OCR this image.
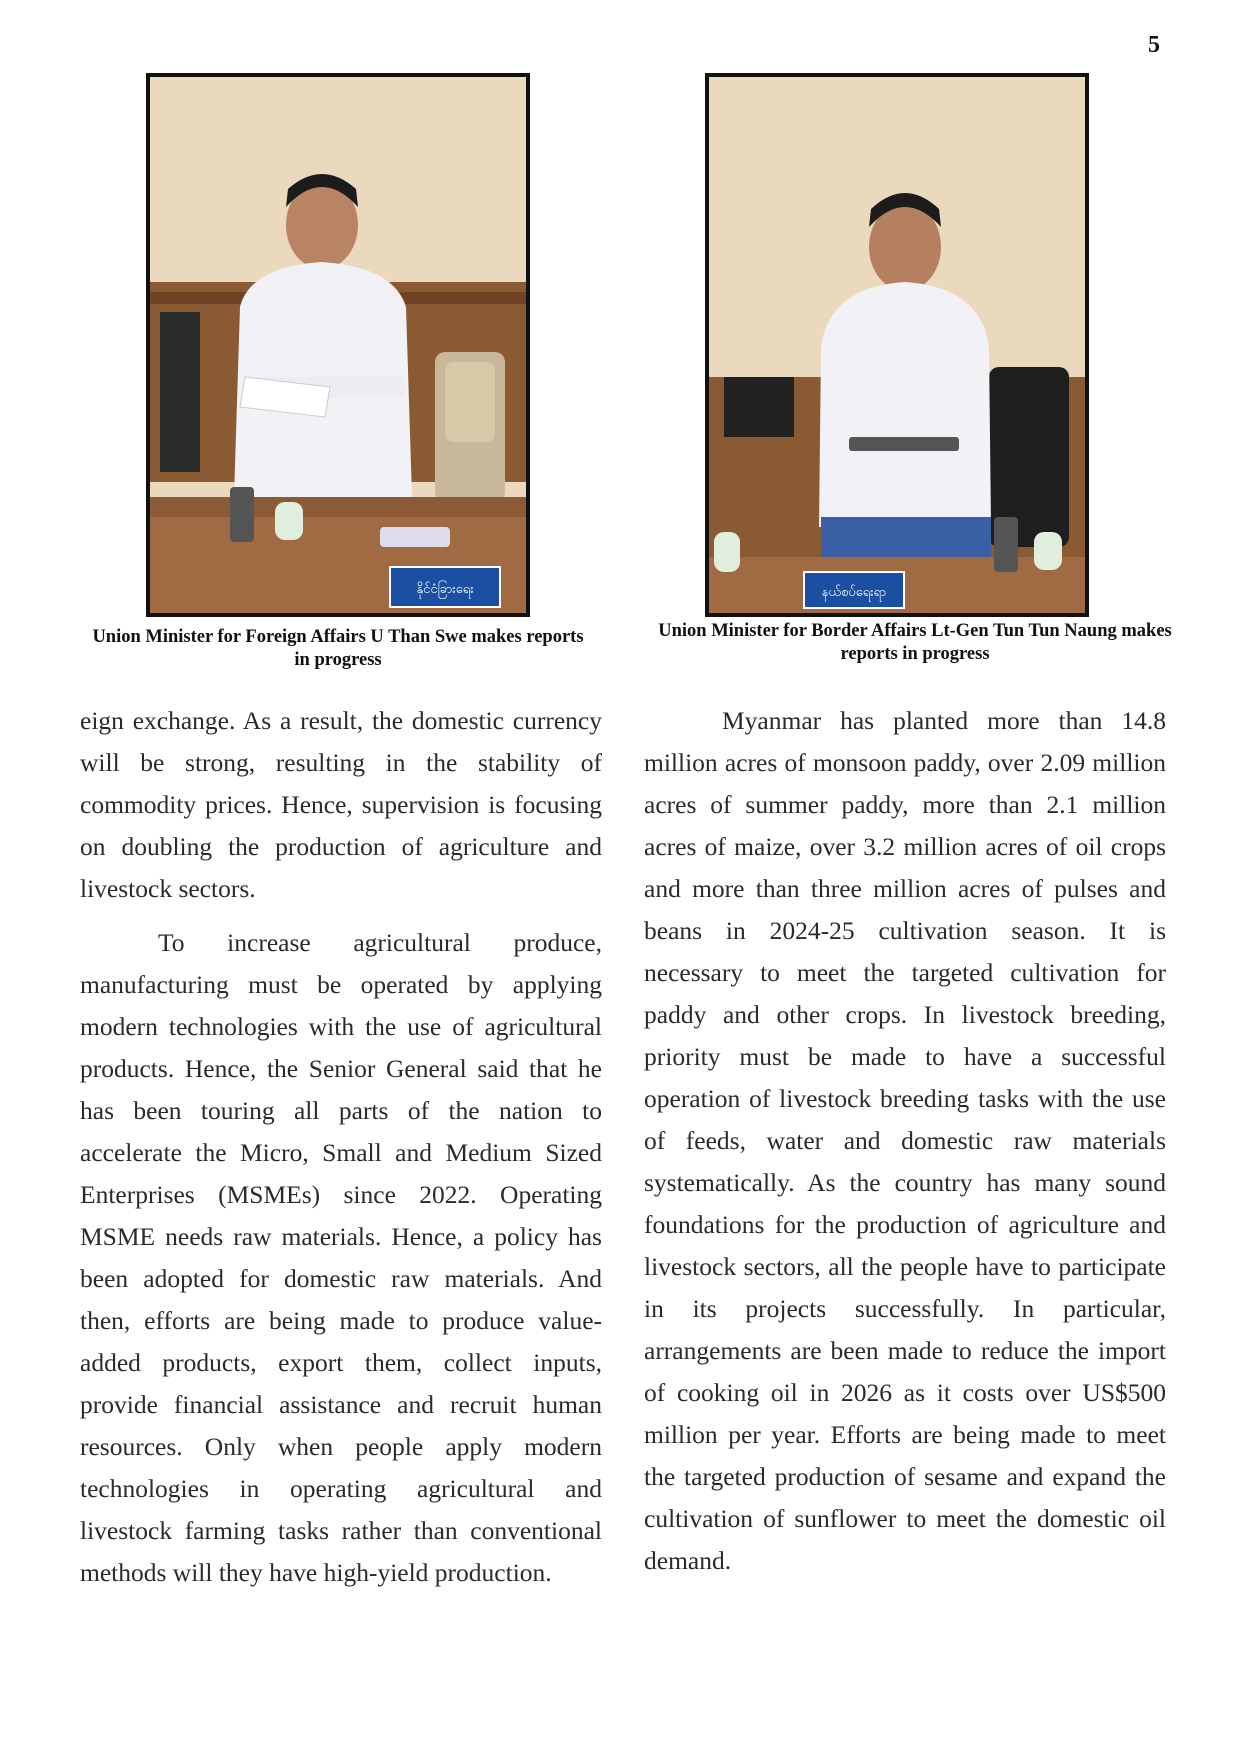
5
နိုင်ငံခြားရေး
Union Minister for Foreign Affairs U Than Swe makes reports in progress
နယ်စပ်ရေးရာ
Union Minister for Border Affairs Lt-Gen Tun Tun Naung makes reports in progress

eign exchange. As a result, the domestic currency will be strong, resulting in the stability of commodity prices. Hence, supervision is focusing on doubling the production of agriculture and livestock sectors.

To increase agricultural produce, manufacturing must be operated by applying modern technologies with the use of agricultural products. Hence, the Senior General said that he has been touring all parts of the nation to accelerate the Micro, Small and Medium Sized Enterprises (MSMEs) since 2022. Operating MSME needs raw materials. Hence, a policy has been adopted for domestic raw materials. And then, efforts are being made to produce value-added products, export them, collect inputs, provide financial assistance and recruit human resources. Only when people apply modern technologies in operating agricultural and livestock farming tasks rather than conventional methods will they have high-yield production.

Myanmar has planted more than 14.8 million acres of monsoon paddy, over 2.09 million acres of summer paddy, more than 2.1 million acres of maize, over 3.2 million acres of oil crops and more than three million acres of pulses and beans in 2024-25 cultivation season. It is necessary to meet the targeted cultivation for paddy and other crops. In livestock breeding, priority must be made to have a successful operation of livestock breeding tasks with the use of feeds, water and domestic raw materials systematically. As the country has many sound foundations for the production of agriculture and livestock sectors, all the people have to participate in its projects successfully. In particular, arrangements are been made to reduce the import of cooking oil in 2026 as it costs over US$500 million per year. Efforts are being made to meet the targeted production of sesame and expand the cultivation of sunflower to meet the domestic oil demand.
